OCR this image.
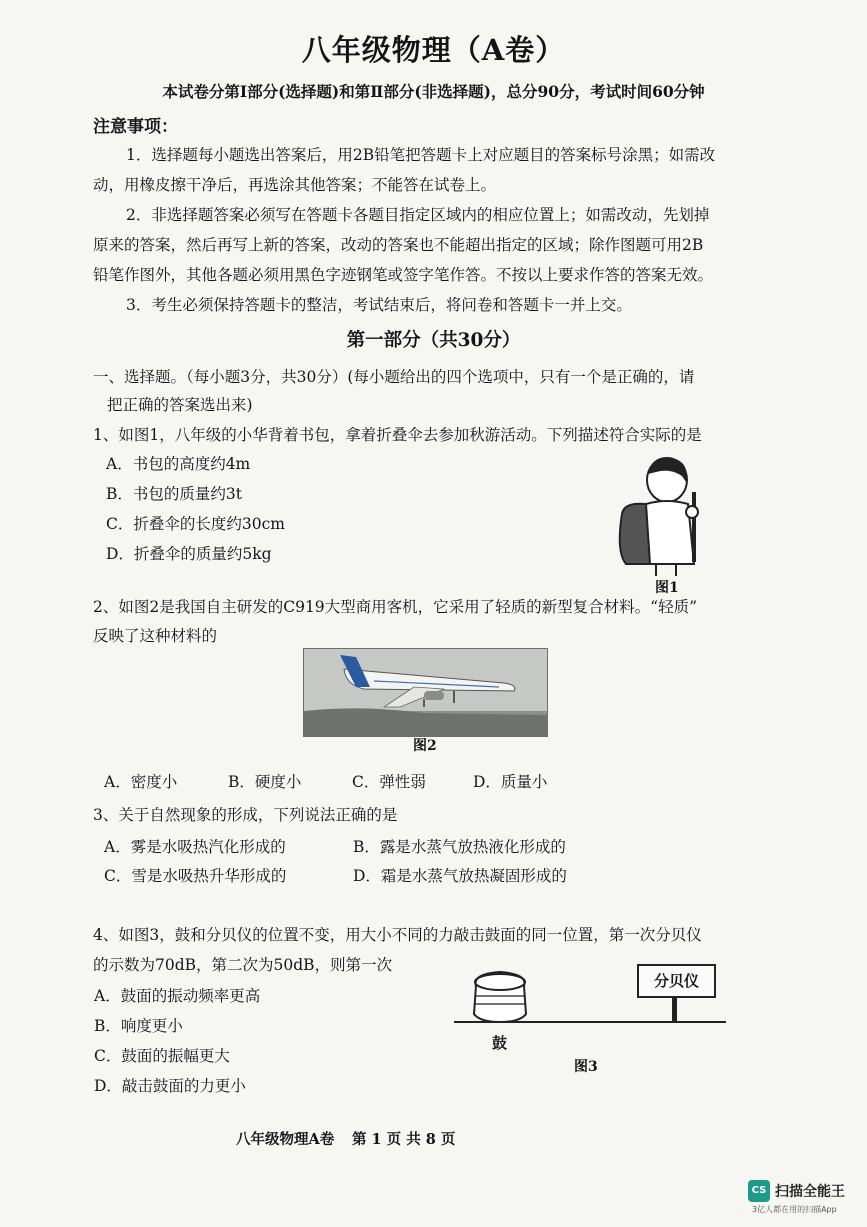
八年级物理（A卷）
本试卷分第Ⅰ部分(选择题)和第Ⅱ部分(非选择题)，总分90分，考试时间60分钟
注意事项：
1．选择题每小题选出答案后，用2B铅笔把答题卡上对应题目的答案标号涂黑；如需改
动，用橡皮擦干净后，再选涂其他答案；不能答在试卷上。
2．非选择题答案必须写在答题卡各题目指定区域内的相应位置上；如需改动，先划掉
原来的答案，然后再写上新的答案，改动的答案也不能超出指定的区域；除作图题可用2B
铅笔作图外，其他各题必须用黑色字迹钢笔或签字笔作答。不按以上要求作答的答案无效。
3．考生必须保持答题卡的整洁，考试结束后，将问卷和答题卡一并上交。
第一部分（共30分）
一、选择题。（每小题3分，共30分）(每小题给出的四个选项中，只有一个是正确的，请
把正确的答案选出来)
1、如图1，八年级的小华背着书包，拿着折叠伞去参加秋游活动。下列描述符合实际的是
A．书包的高度约4m
B．书包的质量约3t
C．折叠伞的长度约30cm
D．折叠伞的质量约5kg
图1
2、如图2是我国自主研发的C919大型商用客机，它采用了轻质的新型复合材料。“轻质”
反映了这种材料的
图2
A．密度小	B．硬度小	C．弹性弱	D．质量小
3、关于自然现象的形成，下列说法正确的是
A．雾是水吸热汽化形成的	B．露是水蒸气放热液化形成的
C．雪是水吸热升华形成的	D．霜是水蒸气放热凝固形成的
4、如图3，鼓和分贝仪的位置不变，用大小不同的力敲击鼓面的同一位置，第一次分贝仪
的示数为70dB，第二次为50dB，则第一次
A．鼓面的振动频率更高
B．响度更小
C．鼓面的振幅更大
D．敲击鼓面的力更小
分贝仪
鼓
图3
八年级物理A卷 第 1 页 共 8 页
CS 扫描全能王
3亿人都在用的扫描App
